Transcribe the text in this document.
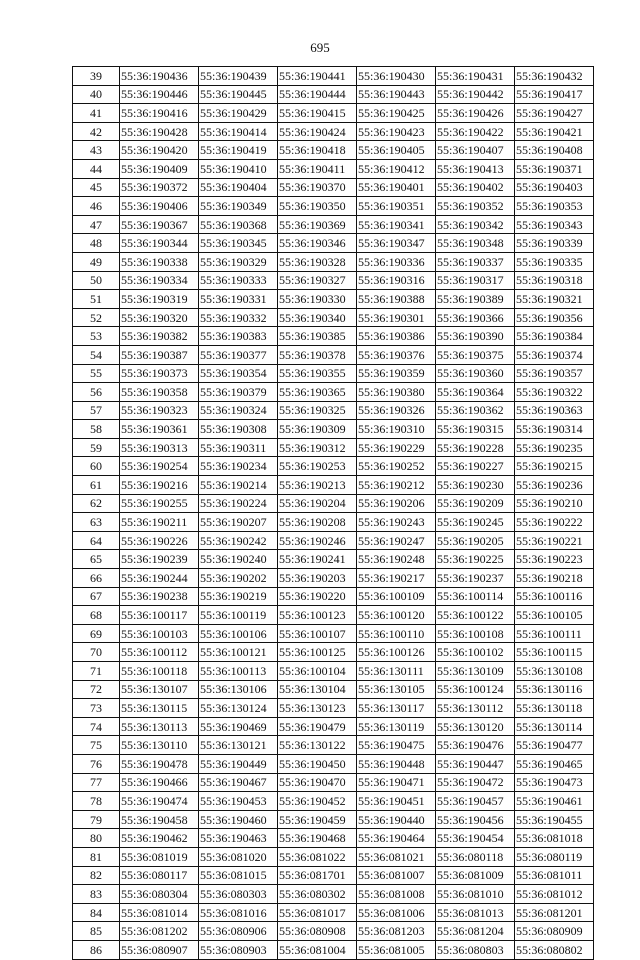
695
39	55:36:190436	55:36:190439	55:36:190441	55:36:190430	55:36:190431	55:36:190432
40	55:36:190446	55:36:190445	55:36:190444	55:36:190443	55:36:190442	55:36:190417
41	55:36:190416	55:36:190429	55:36:190415	55:36:190425	55:36:190426	55:36:190427
42	55:36:190428	55:36:190414	55:36:190424	55:36:190423	55:36:190422	55:36:190421
43	55:36:190420	55:36:190419	55:36:190418	55:36:190405	55:36:190407	55:36:190408
44	55:36:190409	55:36:190410	55:36:190411	55:36:190412	55:36:190413	55:36:190371
45	55:36:190372	55:36:190404	55:36:190370	55:36:190401	55:36:190402	55:36:190403
46	55:36:190406	55:36:190349	55:36:190350	55:36:190351	55:36:190352	55:36:190353
47	55:36:190367	55:36:190368	55:36:190369	55:36:190341	55:36:190342	55:36:190343
48	55:36:190344	55:36:190345	55:36:190346	55:36:190347	55:36:190348	55:36:190339
49	55:36:190338	55:36:190329	55:36:190328	55:36:190336	55:36:190337	55:36:190335
50	55:36:190334	55:36:190333	55:36:190327	55:36:190316	55:36:190317	55:36:190318
51	55:36:190319	55:36:190331	55:36:190330	55:36:190388	55:36:190389	55:36:190321
52	55:36:190320	55:36:190332	55:36:190340	55:36:190301	55:36:190366	55:36:190356
53	55:36:190382	55:36:190383	55:36:190385	55:36:190386	55:36:190390	55:36:190384
54	55:36:190387	55:36:190377	55:36:190378	55:36:190376	55:36:190375	55:36:190374
55	55:36:190373	55:36:190354	55:36:190355	55:36:190359	55:36:190360	55:36:190357
56	55:36:190358	55:36:190379	55:36:190365	55:36:190380	55:36:190364	55:36:190322
57	55:36:190323	55:36:190324	55:36:190325	55:36:190326	55:36:190362	55:36:190363
58	55:36:190361	55:36:190308	55:36:190309	55:36:190310	55:36:190315	55:36:190314
59	55:36:190313	55:36:190311	55:36:190312	55:36:190229	55:36:190228	55:36:190235
60	55:36:190254	55:36:190234	55:36:190253	55:36:190252	55:36:190227	55:36:190215
61	55:36:190216	55:36:190214	55:36:190213	55:36:190212	55:36:190230	55:36:190236
62	55:36:190255	55:36:190224	55:36:190204	55:36:190206	55:36:190209	55:36:190210
63	55:36:190211	55:36:190207	55:36:190208	55:36:190243	55:36:190245	55:36:190222
64	55:36:190226	55:36:190242	55:36:190246	55:36:190247	55:36:190205	55:36:190221
65	55:36:190239	55:36:190240	55:36:190241	55:36:190248	55:36:190225	55:36:190223
66	55:36:190244	55:36:190202	55:36:190203	55:36:190217	55:36:190237	55:36:190218
67	55:36:190238	55:36:190219	55:36:190220	55:36:100109	55:36:100114	55:36:100116
68	55:36:100117	55:36:100119	55:36:100123	55:36:100120	55:36:100122	55:36:100105
69	55:36:100103	55:36:100106	55:36:100107	55:36:100110	55:36:100108	55:36:100111
70	55:36:100112	55:36:100121	55:36:100125	55:36:100126	55:36:100102	55:36:100115
71	55:36:100118	55:36:100113	55:36:100104	55:36:130111	55:36:130109	55:36:130108
72	55:36:130107	55:36:130106	55:36:130104	55:36:130105	55:36:100124	55:36:130116
73	55:36:130115	55:36:130124	55:36:130123	55:36:130117	55:36:130112	55:36:130118
74	55:36:130113	55:36:190469	55:36:190479	55:36:130119	55:36:130120	55:36:130114
75	55:36:130110	55:36:130121	55:36:130122	55:36:190475	55:36:190476	55:36:190477
76	55:36:190478	55:36:190449	55:36:190450	55:36:190448	55:36:190447	55:36:190465
77	55:36:190466	55:36:190467	55:36:190470	55:36:190471	55:36:190472	55:36:190473
78	55:36:190474	55:36:190453	55:36:190452	55:36:190451	55:36:190457	55:36:190461
79	55:36:190458	55:36:190460	55:36:190459	55:36:190440	55:36:190456	55:36:190455
80	55:36:190462	55:36:190463	55:36:190468	55:36:190464	55:36:190454	55:36:081018
81	55:36:081019	55:36:081020	55:36:081022	55:36:081021	55:36:080118	55:36:080119
82	55:36:080117	55:36:081015	55:36:081701	55:36:081007	55:36:081009	55:36:081011
83	55:36:080304	55:36:080303	55:36:080302	55:36:081008	55:36:081010	55:36:081012
84	55:36:081014	55:36:081016	55:36:081017	55:36:081006	55:36:081013	55:36:081201
85	55:36:081202	55:36:080906	55:36:080908	55:36:081203	55:36:081204	55:36:080909
86	55:36:080907	55:36:080903	55:36:081004	55:36:081005	55:36:080803	55:36:080802
